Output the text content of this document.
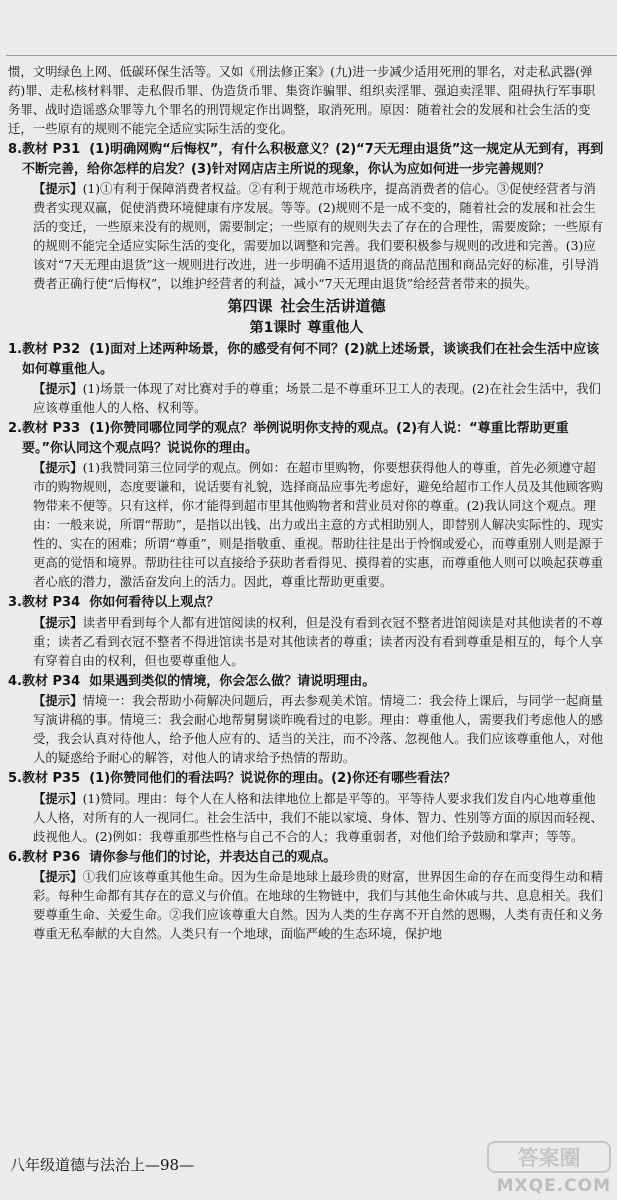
惯，文明绿色上网、低碳环保生活等。又如《刑法修正案》(九)进一步减少适用死刑的罪名，对走私武器(弹药)罪、走私核材料罪、走私假币罪、伪造货币罪、集资诈骗罪、组织卖淫罪、强迫卖淫罪、阻碍执行军事职务罪、战时造谣惑众罪等九个罪名的刑罚规定作出调整，取消死刑。原因：随着社会的发展和社会生活的变迁，一些原有的规则不能完全适应实际生活的变化。

8. 教材 P31 (1)明确网购“后悔权”，有什么积极意义？(2)“7天无理由退货”这一规定从无到有，再到不断完善，给你怎样的启发？(3)针对网店店主所说的现象，你认为应如何进一步完善规则？

【提示】(1)①有利于保障消费者权益。②有利于规范市场秩序，提高消费者的信心。③促使经营者与消费者实现双赢，促使消费环境健康有序发展。等等。(2)规则不是一成不变的，随着社会的发展和社会生活的变迁，一些原来没有的规则，需要制定；一些原有的规则失去了存在的合理性，需要废除；一些原有的规则不能完全适应实际生活的变化，需要加以调整和完善。我们要积极参与规则的改进和完善。(3)应该对“7天无理由退货”这一规则进行改进，进一步明确不适用退货的商品范围和商品完好的标准，引导消费者正确行使“后悔权”，以维护经营者的利益，减小“7天无理由退货”给经营者带来的损失。

第四课 社会生活讲道德
第1课时 尊重他人
1. 教材 P32 (1)面对上述两种场景，你的感受有何不同？(2)就上述场景，谈谈我们在社会生活中应该如何尊重他人。

【提示】(1)场景一体现了对比赛对手的尊重；场景二是不尊重环卫工人的表现。(2)在社会生活中，我们应该尊重他人的人格、权利等。

2. 教材 P33 (1)你赞同哪位同学的观点？举例说明你支持的观点。(2)有人说：“尊重比帮助更重要。”你认同这个观点吗？说说你的理由。

【提示】(1)我赞同第三位同学的观点。例如：在超市里购物，你要想获得他人的尊重，首先必须遵守超市的购物规则，态度要谦和，说话要有礼貌，选择商品应事先考虑好，避免给超市工作人员及其他顾客购物带来不便等。只有这样，你才能得到超市里其他购物者和营业员对你的尊重。(2)我认同这个观点。理由：一般来说，所谓“帮助”，是指以出钱、出力或出主意的方式相助别人，即替别人解决实际性的、现实性的、实在的困难；所谓“尊重”，则是指敬重、重视。帮助往往是出于怜悯或爱心，而尊重别人则是源于更高的觉悟和境界。帮助往往可以直接给予获助者看得见、摸得着的实惠，而尊重他人则可以唤起获尊重者心底的潜力，激活奋发向上的活力。因此，尊重比帮助更重要。

3. 教材 P34 你如何看待以上观点？

【提示】读者甲看到每个人都有进馆阅读的权利，但是没有看到衣冠不整者进馆阅读是对其他读者的不尊重；读者乙看到衣冠不整者不得进馆读书是对其他读者的尊重；读者丙没有看到尊重是相互的，每个人享有穿着自由的权利，但也要尊重他人。

4. 教材 P34 如果遇到类似的情境，你会怎么做？请说明理由。

【提示】情境一：我会帮助小荷解决问题后，再去参观美术馆。情境二：我会待上课后，与同学一起商量写演讲稿的事。情境三：我会耐心地帮舅舅谈昨晚看过的电影。理由：尊重他人，需要我们考虑他人的感受，我会认真对待他人，给予他人应有的、适当的关注，而不冷落、忽视他人。我们应该尊重他人，对他人的疑惑给予耐心的解答，对他人的请求给予热情的帮助。

5. 教材 P35 (1)你赞同他们的看法吗？说说你的理由。(2)你还有哪些看法？

【提示】(1)赞同。理由：每个人在人格和法律地位上都是平等的。平等待人要求我们发自内心地尊重他人人格，对所有的人一视同仁。社会生活中，我们不能以家境、身体、智力、性别等方面的原因而轻视、歧视他人。(2)例如：我尊重那些性格与自己不合的人；我尊重弱者，对他们给予鼓励和掌声；等等。

6. 教材 P36 请你参与他们的讨论，并表达自己的观点。

【提示】①我们应该尊重其他生命。因为生命是地球上最珍贵的财富，世界因生命的存在而变得生动和精彩。每种生命都有其存在的意义与价值。在地球的生物链中，我们与其他生命休戚与共、息息相关。我们要尊重生命、关爱生命。②我们应该尊重大自然。因为人类的生存离不开自然的恩赐，人类有责任和义务尊重无私奉献的大自然。人类只有一个地球，面临严峻的生态环境，保护地

八年级道德与法治上—98—	答案圈
MXQE.COM
